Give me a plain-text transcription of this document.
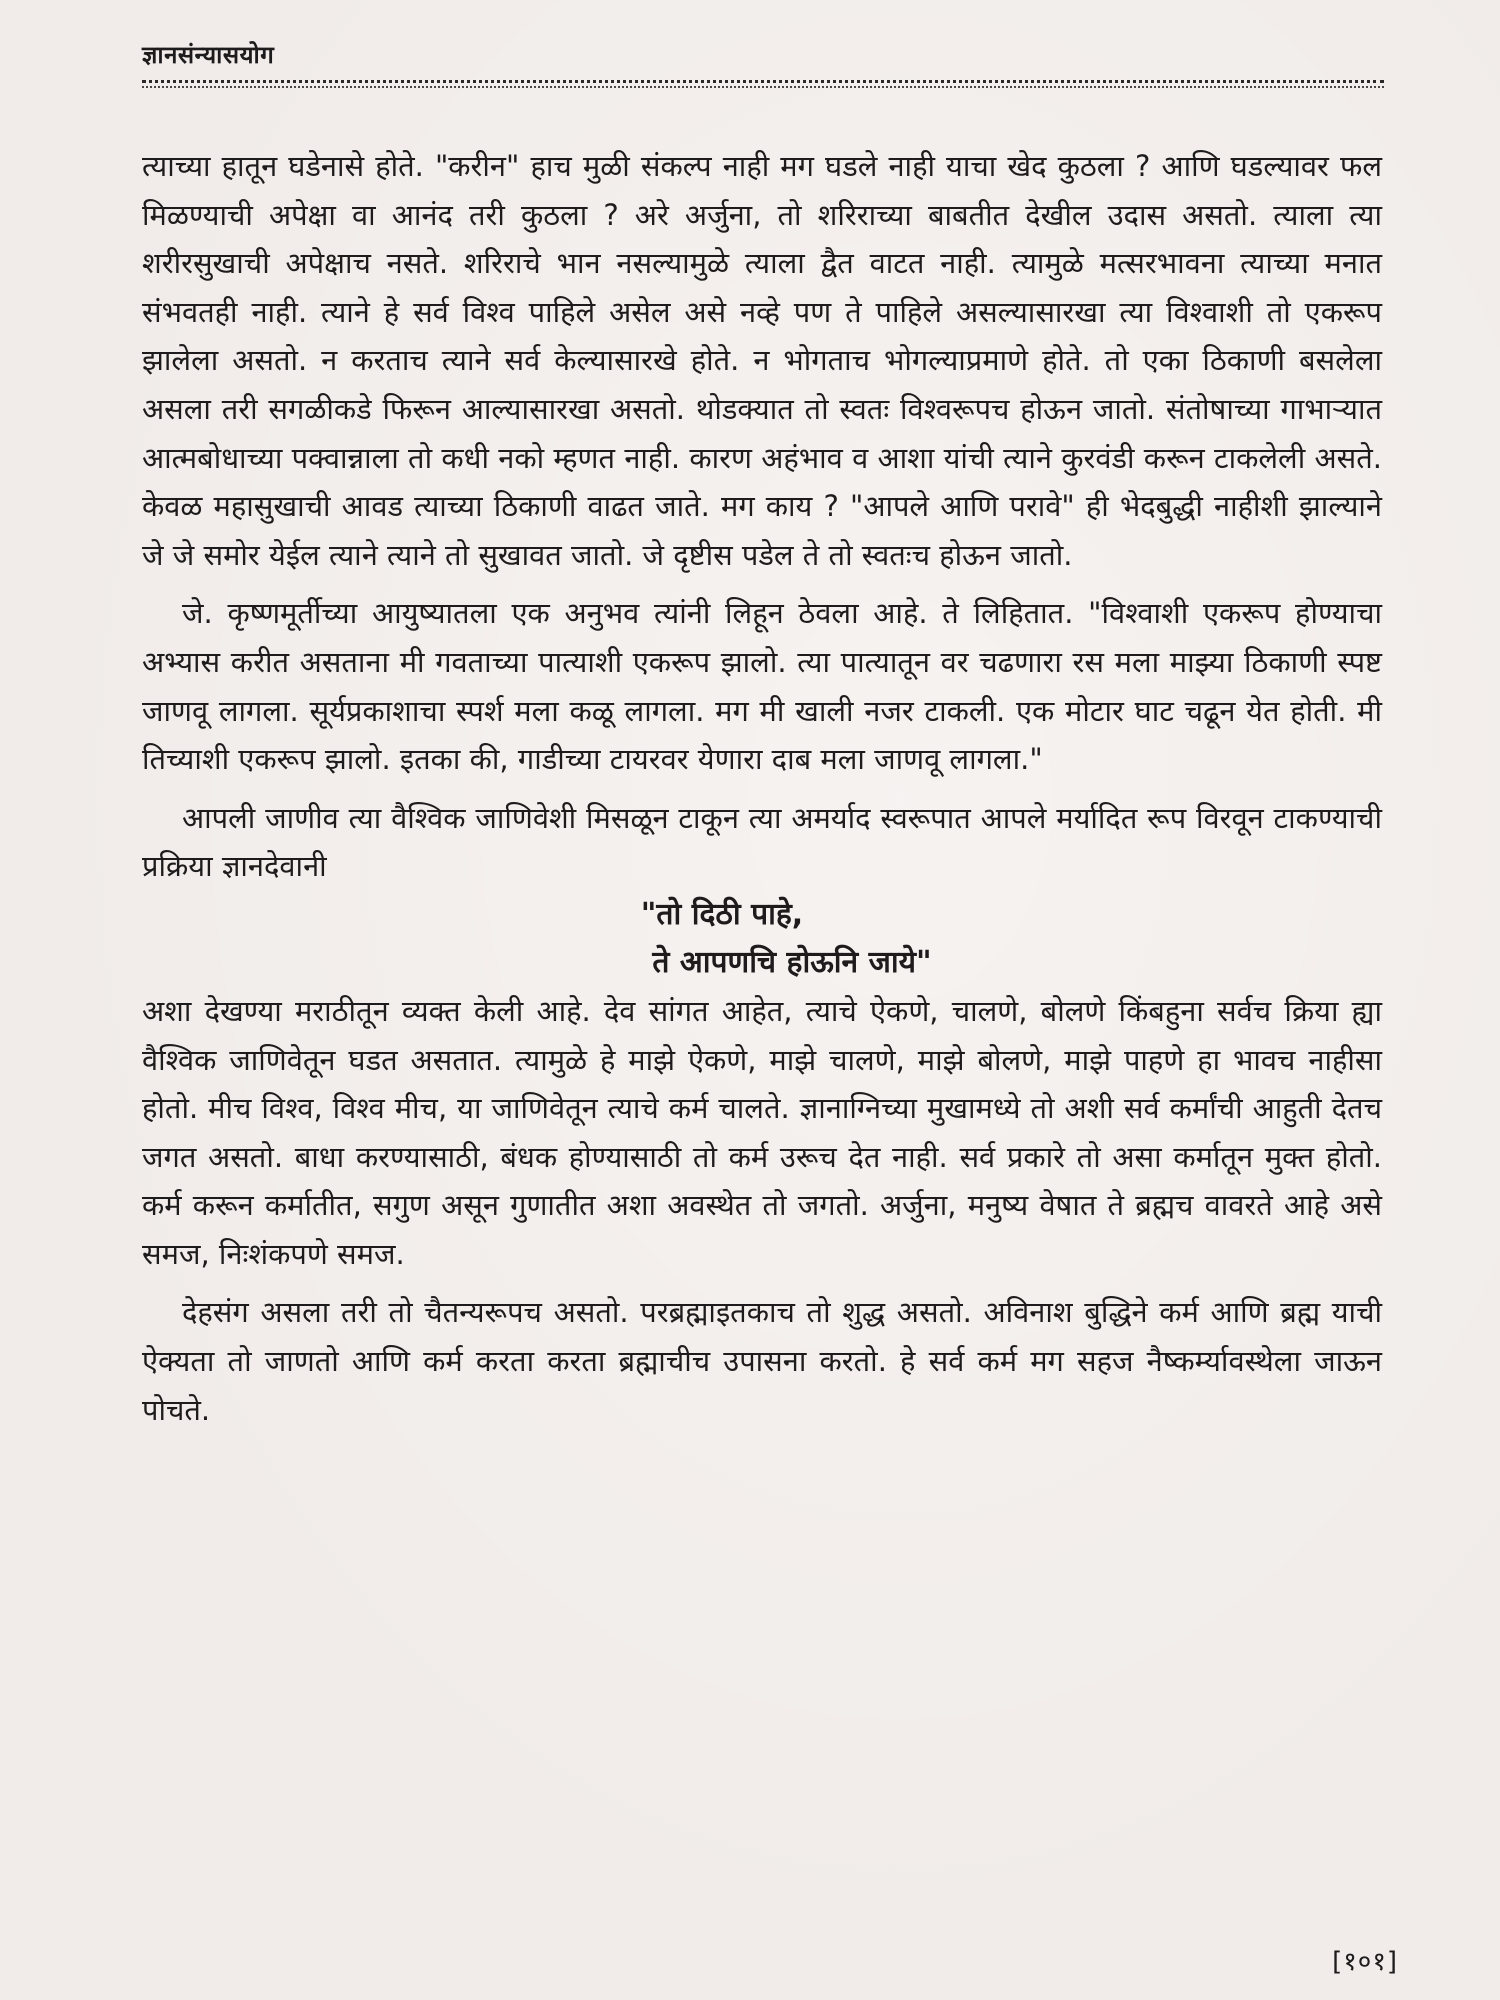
ज्ञानसंन्यासयोग

त्याच्या हातून घडेनासे होते. "करीन" हाच मुळी संकल्प नाही मग घडले नाही याचा खेद कुठला ? आणि घडल्यावर फल मिळण्याची अपेक्षा वा आनंद तरी कुठला ? अरे अर्जुना, तो शरिराच्या बाबतीत देखील उदास असतो. त्याला त्या शरीरसुखाची अपेक्षाच नसते. शरिराचे भान नसल्यामुळे त्याला द्वैत वाटत नाही. त्यामुळे मत्सरभावना त्याच्या मनात संभवतही नाही. त्याने हे सर्व विश्व पाहिले असेल असे नव्हे पण ते पाहिले असल्यासारखा त्या विश्वाशी तो एकरूप झालेला असतो. न करताच त्याने सर्व केल्यासारखे होते. न भोगताच भोगल्याप्रमाणे होते. तो एका ठिकाणी बसलेला असला तरी सगळीकडे फिरून आल्यासारखा असतो. थोडक्यात तो स्वतः विश्वरूपच होऊन जातो. संतोषाच्या गाभाऱ्यात आत्मबोधाच्या पक्वान्नाला तो कधी नको म्हणत नाही. कारण अहंभाव व आशा यांची त्याने कुरवंडी करून टाकलेली असते. केवळ महासुखाची आवड त्याच्या ठिकाणी वाढत जाते. मग काय ? "आपले आणि परावे" ही भेदबुद्धी नाहीशी झाल्याने जे जे समोर येईल त्याने त्याने तो सुखावत जातो. जे दृष्टीस पडेल ते तो स्वतःच होऊन जातो.

जे. कृष्णमूर्तीच्या आयुष्यातला एक अनुभव त्यांनी लिहून ठेवला आहे. ते लिहितात. "विश्वाशी एकरूप होण्याचा अभ्यास करीत असताना मी गवताच्या पात्याशी एकरूप झालो. त्या पात्यातून वर चढणारा रस मला माझ्या ठिकाणी स्पष्ट जाणवू लागला. सूर्यप्रकाशाचा स्पर्श मला कळू लागला. मग मी खाली नजर टाकली. एक मोटार घाट चढून येत होती. मी तिच्याशी एकरूप झालो. इतका की, गाडीच्या टायरवर येणारा दाब मला जाणवू लागला."

आपली जाणीव त्या वैश्विक जाणिवेशी मिसळून टाकून त्या अमर्याद स्वरूपात आपले मर्यादित रूप विरवून टाकण्याची प्रक्रिया ज्ञानदेवानी

"तो दिठी पाहे,
ते आपणचि होऊनि जाये"

अशा देखण्या मराठीतून व्यक्त केली आहे. देव सांगत आहेत, त्याचे ऐकणे, चालणे, बोलणे किंबहुना सर्वच क्रिया ह्या वैश्विक जाणिवेतून घडत असतात. त्यामुळे हे माझे ऐकणे, माझे चालणे, माझे बोलणे, माझे पाहणे हा भावच नाहीसा होतो. मीच विश्व, विश्व मीच, या जाणिवेतून त्याचे कर्म चालते. ज्ञानाग्निच्या मुखामध्ये तो अशी सर्व कर्मांची आहुती देतच जगत असतो. बाधा करण्यासाठी, बंधक होण्यासाठी तो कर्म उरूच देत नाही. सर्व प्रकारे तो असा कर्मातून मुक्त होतो. कर्म करून कर्मातीत, सगुण असून गुणातीत अशा अवस्थेत तो जगतो. अर्जुना, मनुष्य वेषात ते ब्रह्मच वावरते आहे असे समज, निःशंकपणे समज.

देहसंग असला तरी तो चैतन्यरूपच असतो. परब्रह्माइतकाच तो शुद्ध असतो. अविनाश बुद्धिने कर्म आणि ब्रह्म याची ऐक्यता तो जाणतो आणि कर्म करता करता ब्रह्माचीच उपासना करतो. हे सर्व कर्म मग सहज नैष्कर्म्यावस्थेला जाऊन पोचते.

[१०१]
